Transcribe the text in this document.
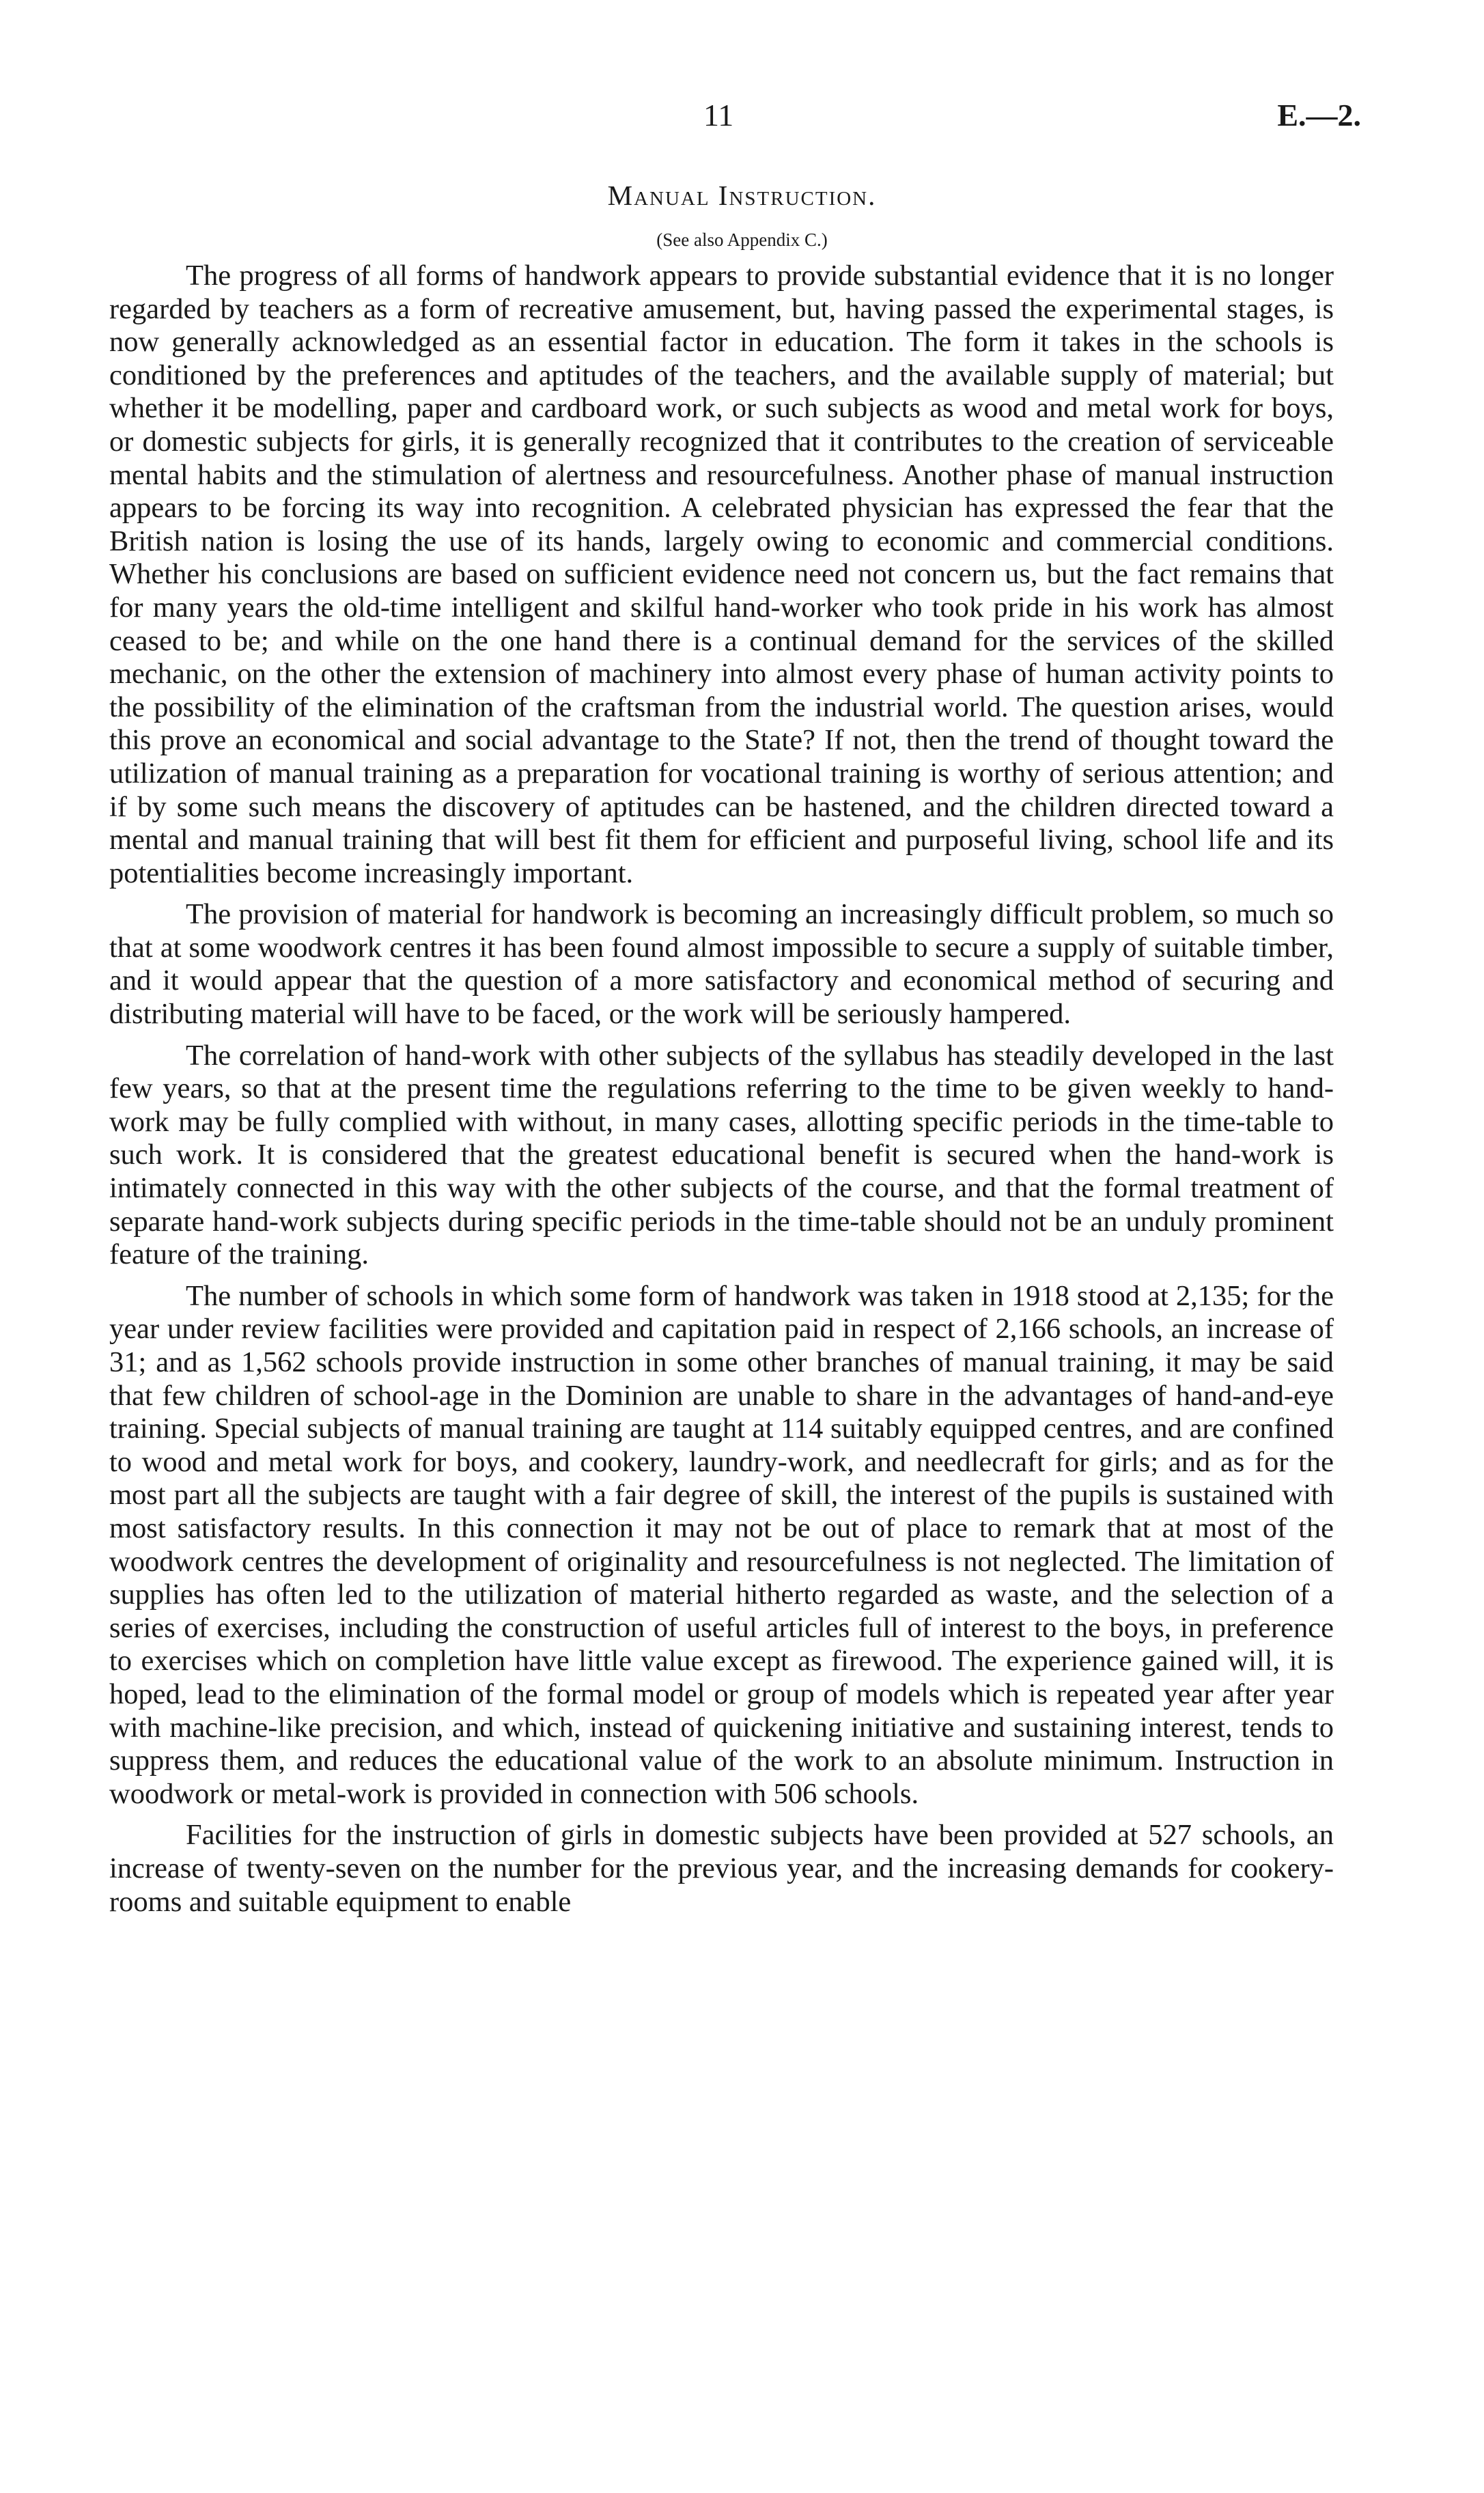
11	E.—2.
Manual Instruction.
(See also Appendix C.)

The progress of all forms of handwork appears to provide substantial evidence that it is no longer regarded by teachers as a form of recreative amusement, but, having passed the experimental stages, is now generally acknowledged as an essential factor in education. The form it takes in the schools is conditioned by the preferences and aptitudes of the teachers, and the available supply of material; but whether it be modelling, paper and cardboard work, or such subjects as wood and metal work for boys, or domestic subjects for girls, it is generally recognized that it contributes to the creation of serviceable mental habits and the stimulation of alertness and resourcefulness. Another phase of manual instruction appears to be forcing its way into recognition. A celebrated physician has expressed the fear that the British nation is losing the use of its hands, largely owing to economic and commercial conditions. Whether his conclusions are based on sufficient evidence need not concern us, but the fact remains that for many years the old-time intelligent and skilful hand-worker who took pride in his work has almost ceased to be; and while on the one hand there is a continual demand for the services of the skilled mechanic, on the other the extension of machinery into almost every phase of human activity points to the possibility of the elimination of the craftsman from the industrial world. The question arises, would this prove an economical and social advantage to the State? If not, then the trend of thought toward the utilization of manual training as a preparation for vocational training is worthy of serious attention; and if by some such means the discovery of aptitudes can be hastened, and the children directed toward a mental and manual training that will best fit them for efficient and purposeful living, school life and its potentialities become increasingly important.

The provision of material for handwork is becoming an increasingly difficult problem, so much so that at some woodwork centres it has been found almost impossible to secure a supply of suitable timber, and it would appear that the question of a more satisfactory and economical method of securing and distributing material will have to be faced, or the work will be seriously hampered.

The correlation of hand-work with other subjects of the syllabus has steadily developed in the last few years, so that at the present time the regulations referring to the time to be given weekly to hand-work may be fully complied with without, in many cases, allotting specific periods in the time-table to such work. It is considered that the greatest educational benefit is secured when the hand-work is intimately connected in this way with the other subjects of the course, and that the formal treatment of separate hand-work subjects during specific periods in the time-table should not be an unduly prominent feature of the training.

The number of schools in which some form of handwork was taken in 1918 stood at 2,135; for the year under review facilities were provided and capitation paid in respect of 2,166 schools, an increase of 31; and as 1,562 schools provide instruction in some other branches of manual training, it may be said that few children of school-age in the Dominion are unable to share in the advantages of hand-and-eye training. Special subjects of manual training are taught at 114 suitably equipped centres, and are confined to wood and metal work for boys, and cookery, laundry-work, and needlecraft for girls; and as for the most part all the subjects are taught with a fair degree of skill, the interest of the pupils is sustained with most satisfactory results. In this connection it may not be out of place to remark that at most of the woodwork centres the development of originality and resourcefulness is not neglected. The limitation of supplies has often led to the utilization of material hitherto regarded as waste, and the selection of a series of exercises, including the construction of useful articles full of interest to the boys, in preference to exercises which on completion have little value except as firewood. The experience gained will, it is hoped, lead to the elimination of the formal model or group of models which is repeated year after year with machine-like precision, and which, instead of quickening initiative and sustaining interest, tends to suppress them, and reduces the educational value of the work to an absolute minimum. Instruction in woodwork or metal-work is provided in connection with 506 schools.

Facilities for the instruction of girls in domestic subjects have been provided at 527 schools, an increase of twenty-seven on the number for the previous year, and the increasing demands for cookery-rooms and suitable equipment to enable
